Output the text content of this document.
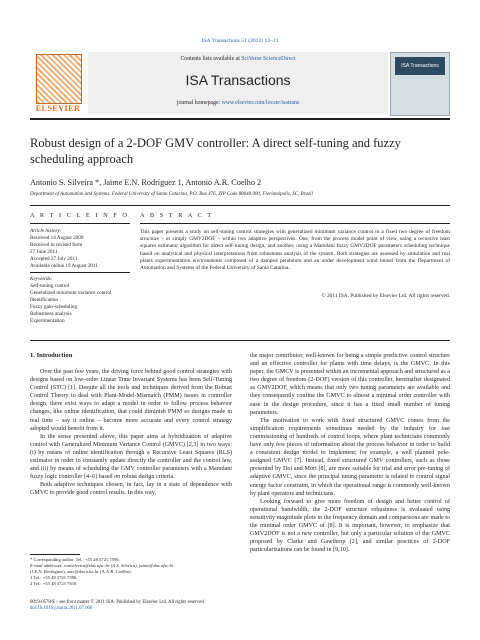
ISA Transactions 51 (2012) 13–21
ELSEVIER
Contents lists available at SciVerse ScienceDirect
ISA Transactions
journal homepage: www.elsevier.com/locate/isatrans
ISA Transactions
Robust design of a 2-DOF GMV controller: A direct self-tuning and fuzzy scheduling approach
Antonio S. Silveira *, Jaime E.N. Rodríguez 1, Antonio A.R. Coelho 2
Department of Automation and Systems, Federal University of Santa Catarina, P.O. Box 476, ZIP Code 88040.900, Florianópolis, SC, Brazil
A R T I C L E I N F O
Article history:
Received 14 August 2009
Received in revised form
27 June 2011
Accepted 27 July 2011
Available online 19 August 2011
Keywords:
Self-tuning control
Generalized minimum variance control
Identification
Fuzzy gain-scheduling
Robustness analysis
Experimentation
A B S T R A C T
This paper presents a study on self-tuning control strategies with generalized minimum variance control in a fixed two degree of freedom structure – or simply GMV2DOF – within two adaptive perspectives. One, from the process model point of view, using a recursive least squares estimator algorithm for direct self-tuning design, and another, using a Mamdani fuzzy GMV2DOF parameters scheduling technique based on analytical and physical interpretations from robustness analysis of the system. Both strategies are assessed by simulation and real plants experimentation environments composed of a damped pendulum and an under development wind tunnel from the Department of Automation and Systems of the Federal University of Santa Catarina.
© 2011 ISA. Published by Elsevier Ltd. All rights reserved.
1. Introduction

Over the past few years, the driving force behind good control strategies with designs based on low-order Linear Time Invariant Systems has been Self-Tuning Control (STC) [1]. Despite all the tools and techniques derived from the Robust Control Theory to deal with Plant-Model-Mismatch (PMM) issues in controller design, there exist ways to adapt a model in order to follow process behavior changes, like online identification, that could diminish PMM so designs made in real time – say it online – become more accurate and every control strategy adopted would benefit from it.

In the sense presented above, this paper aims at hybridization of adaptive control with Generalized Minimum Variance Control (GMVC) [2,3] in two ways: (i) by means of online identification through a Recursive Least Squares (RLS) estimator in order to constantly update directly the controller and the control law, and (ii) by means of scheduling the GMV controller parameters with a Mamdani fuzzy logic controller [4–6] based on robust design criteria.

Both adaptive techniques chosen, in fact, lay in a state of dependence with GMVC to provide good control results. In this way,

the major contributor, well-known for being a simple predictive control structure and an effective controller for plants with time delays, is the GMVC. In this paper, the GMCV is presented within an incremental approach and structured as a two degree of freedom (2-DOF) version of this controller, hereinafter designated as GMV2DOF, which means that only two tuning parameters are available and they consequently confine the GMVC to almost a minimal order controller with ease in the design procedure, since it has a fixed small number of tuning parameters.

The motivation to work with fixed structured GMVC comes from the simplification requirements sometimes needed by the industry for fast commissioning of hundreds of control loops, where plant technicians commonly have only few pieces of information about the process behavior in order to build a consistent design model to implement; for example, a well planned pole-assigned GMVC [7]. Instead, fixed structured GMV controllers, such as those presented by Doi and Mori [8], are more suitable for trial and error pre-tuning of adaptive GMVC, since the principal tuning parameter is related to control signal energy factor constraint, in which the operational range is commonly well-known by plant operators and technicians.

Looking forward to give more freedom of design and better control of operational bandwidth, the 2-DOF structure robustness is evaluated using sensitivity magnitude plots in the frequency domain and comparisons are made to the minimal order GMVC of [8]. It is important, however, to emphasize that GMV2DOF is not a new controller, but only a particular solution of the GMVC proposed by Clarke and Gawthrop [2], and similar practices of 2-DOF particularizations can be found in [9,10].

* Corresponding author. Tel.: +55 48 3721 7596.
E-mail addresses: tonisilveira@das.ufsc.br (A.S. Silveira), jaime@das.ufsc.br
(J.E.N. Rodríguez), aarc@das.ufsc.br (A.A.R. Coelho).
1 Tel.: +55 48 3721 7596.
2 Tel.: +55 48 3721 7610.
0019-0578/$ – see front matter © 2011 ISA. Published by Elsevier Ltd. All rights reserved.
doi:10.1016/j.isatra.2011.07.006
